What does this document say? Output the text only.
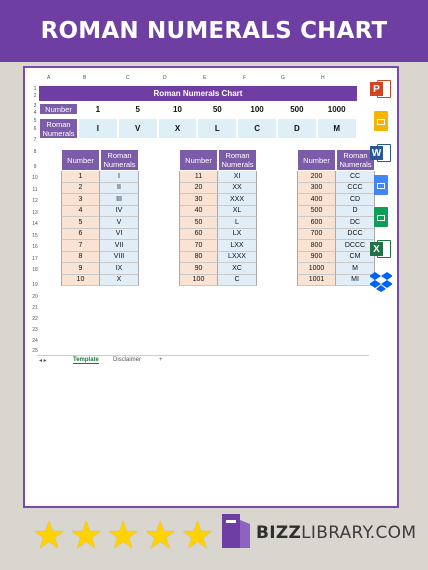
ROMAN NUMERALS CHART
A	B	C	D	E	F	G	H
1
2
3
4
5
6
7
8
9
10
11
12
13
14
15
16
17
18
19
20
21
22
23
24
25
Roman Numerals Chart
Number	1	5	10	50	100	500	1000
Roman Numerals	I	V	X	L	C	D	M
Number	Roman Numerals
1	I
2	II
3	III
4	IV
5	V
6	VI
7	VII
8	VIII
9	IX
10	X
Number	Roman Numerals
11	XI
20	XX
30	XXX
40	XL
50	L
60	LX
70	LXX
80	LXXX
90	XC
100	C
Number	Roman Numerals
200	CC
300	CCC
400	CD
500	D
600	DC
700	DCC
800	DCCC
900	CM
1000	M
1001	MI
◂ ▸	Template Disclaimer	+
P
W
X
★ ★ ★ ★ ★ BIZZLIBRARY.COM
